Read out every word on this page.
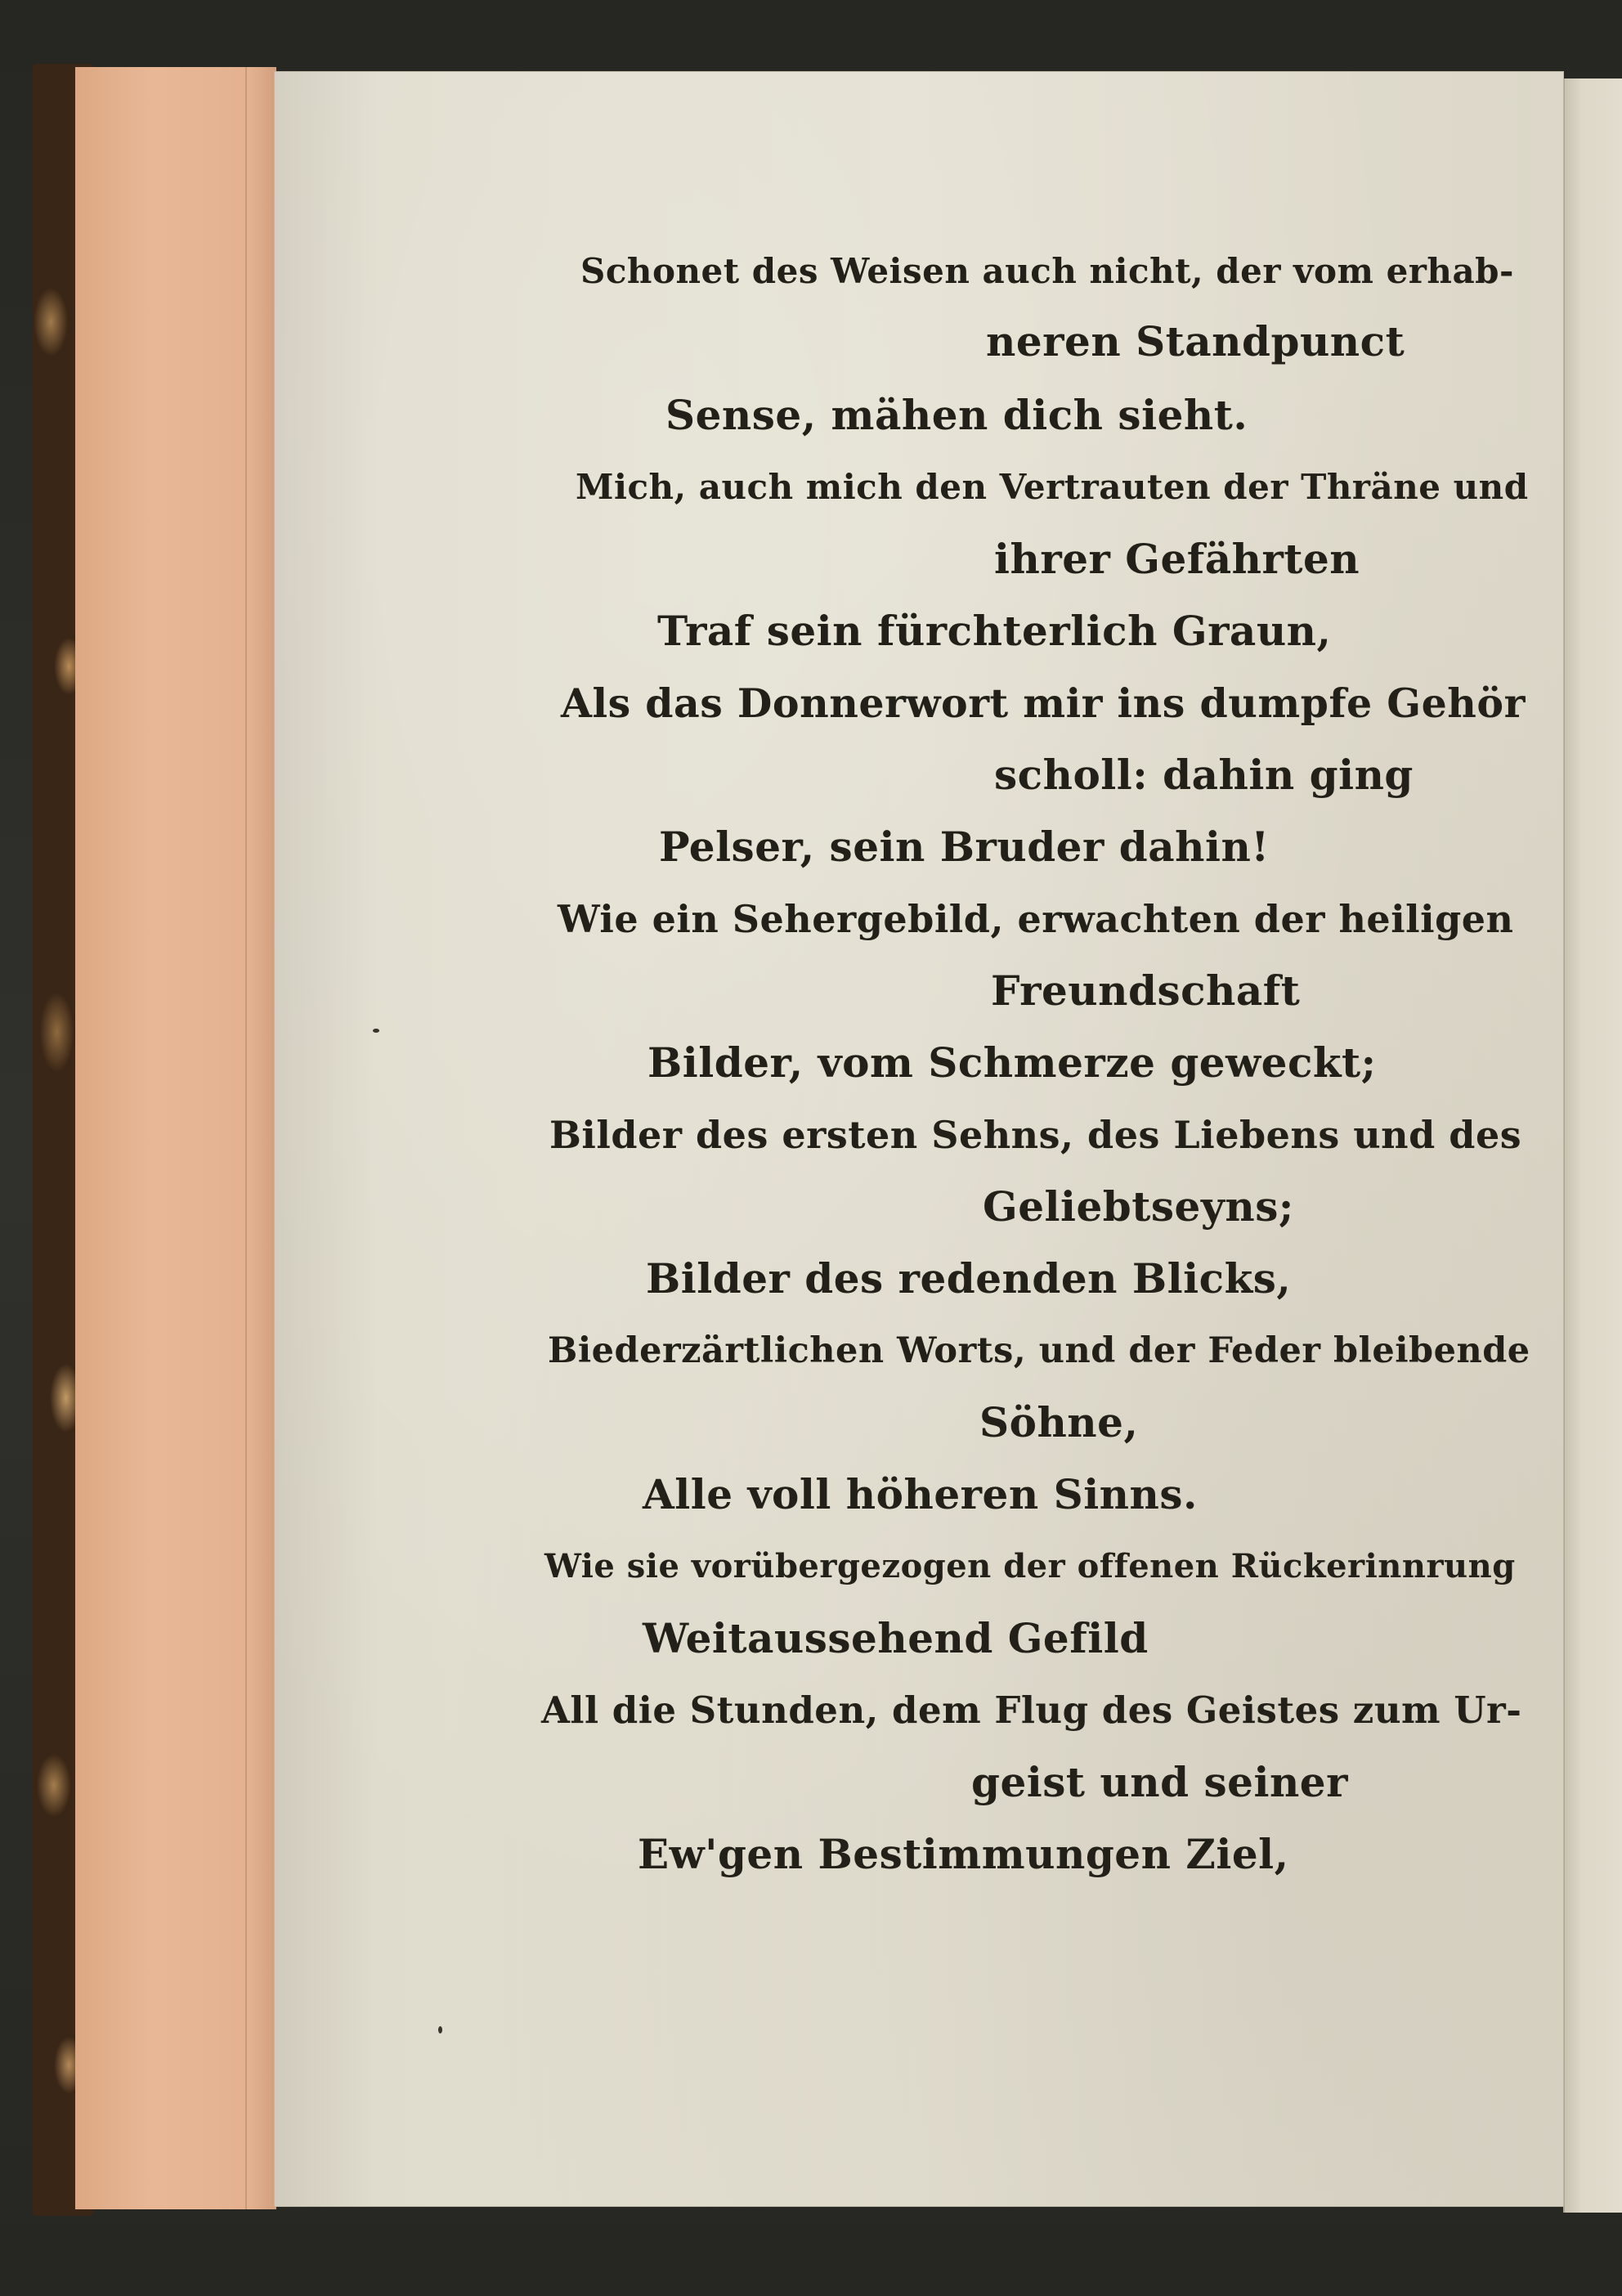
Schonet des Weisen auch nicht, der vom erhab-
neren Standpunct
Sense, mähen dich sieht.
Mich, auch mich den Vertrauten der Thräne und
ihrer Gefährten
Traf sein fürchterlich Graun,
Als das Donnerwort mir ins dumpfe Gehör
scholl: dahin ging
Pelser, sein Bruder dahin!
Wie ein Sehergebild, erwachten der heiligen
Freundschaft
Bilder, vom Schmerze geweckt;
Bilder des ersten Sehns, des Liebens und des
Geliebtseyns;
Bilder des redenden Blicks,
Biederzärtlichen Worts, und der Feder bleibende
Söhne,
Alle voll höheren Sinns.
Wie sie vorübergezogen der offenen Rückerinnrung
Weitaussehend Gefild
All die Stunden, dem Flug des Geistes zum Ur-
geist und seiner
Ew'gen Bestimmungen Ziel,
